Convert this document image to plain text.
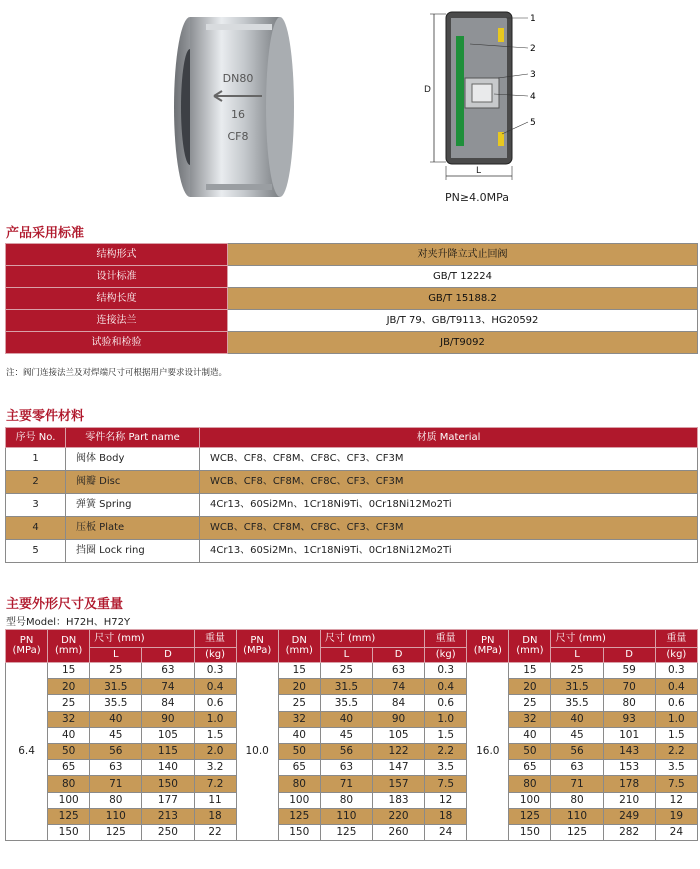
DN80
16
CF8
D
L
1
2
3
4
5
PN≥4.0MPa
产品采用标准
结构形式	对夹升降立式止回阀
设计标准	GB/T 12224
结构长度	GB/T 15188.2
连接法兰	JB/T 79、GB/T9113、HG20592
试验和检验	JB/T9092
注：阀门连接法兰及对焊端尺寸可根据用户要求设计制造。
主要零件材料
序号 No.	零件名称 Part name	材质 Material
1	阀体 Body	WCB、CF8、CF8M、CF8C、CF3、CF3M
2	阀瓣 Disc	WCB、CF8、CF8M、CF8C、CF3、CF3M
3	弹簧 Spring	4Cr13、60Si2Mn、1Cr18Ni9Ti、0Cr18Ni12Mo2Ti
4	压板 Plate	WCB、CF8、CF8M、CF8C、CF3、CF3M
5	挡圈 Lock ring	4Cr13、60Si2Mn、1Cr18Ni9Ti、0Cr18Ni12Mo2Ti
主要外形尺寸及重量
型号Model：H72H、H72Y
PN
(MPa)	DN
(mm)	尺寸 (mm)		重量	PN
(MPa)	DN
(mm)	尺寸 (mm)		重量	PN
(MPa)	DN
(mm)	尺寸 (mm)		重量
		L	D	(kg)			L	D	(kg)			L	D	(kg)
6.4	15	25	63	0.3	10.0	15	25	63	0.3	16.0	15	25	59	0.3
	20	31.5	74	0.4		20	31.5	74	0.4		20	31.5	70	0.4
	25	35.5	84	0.6		25	35.5	84	0.6		25	35.5	80	0.6
	32	40	90	1.0		32	40	90	1.0		32	40	93	1.0
	40	45	105	1.5		40	45	105	1.5		40	45	101	1.5
	50	56	115	2.0		50	56	122	2.2		50	56	143	2.2
	65	63	140	3.2		65	63	147	3.5		65	63	153	3.5
	80	71	150	7.2		80	71	157	7.5		80	71	178	7.5
	100	80	177	11		100	80	183	12		100	80	210	12
	125	110	213	18		125	110	220	18		125	110	249	19
	150	125	250	22		150	125	260	24		150	125	282	24
